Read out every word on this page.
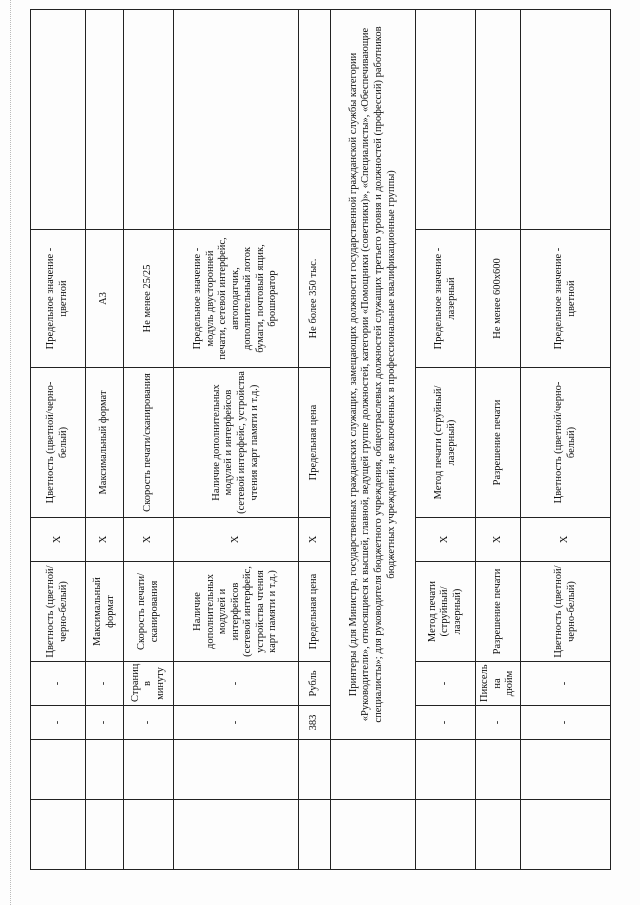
		-	-	Цветность (цветной/черно-белый)	X	Цветность (цветной/черно-белый)	Предельное значение - цветной	
		-	-	Максимальный формат	X	Максимальный формат	А3	
		-	Страниц в минуту	Скорость печати/сканирования	X	Скорость печати/сканирования	Не менее 25/25	
		-	-	Наличие дополнительных модулей и интерфейсов (сетевой интерфейс, устройства чтения карт памяти и т.д.)	X	Наличие дополнительных модулей и интерфейсов (сетевой интерфейс, устройства чтения карт памяти и т.д.)	Предельное значение - модуль двусторонней печати, сетевой интерфейс, автоподатчик, дополнительный лоток бумаги, почтовый ящик, брошюратор	
		383	Рубль	Предельная цена	X	Предельная цена	Не более 350 тыс.	
		Принтеры (для Министра, государственных гражданских служащих, замещающих должности государственной гражданской службы категории «Руководители», относящиеся к высшей, главной, ведущей группе должностей, категории «Помощники (советники)», «Специалисты», «Обеспечивающие специалисты»; для руководителя бюджетного учреждения, общеотраслевых должностей служащих третьего уровня и должностей (профессий) работников бюджетных учреждений, не включенных в профессиональные квалификационные группы)						
		-	-	Метод печати (струйный/ лазерный)	X	Метод печати (струйный/ лазерный)	Предельное значение - лазерный	
		-	Пиксель на дюйм	Разрешение печати	X	Разрешение печати	Не менее 600х600	
		-	-	Цветность (цветной/черно-белый)	X	Цветность (цветной/черно-белый)	Предельное значение - цветной	
